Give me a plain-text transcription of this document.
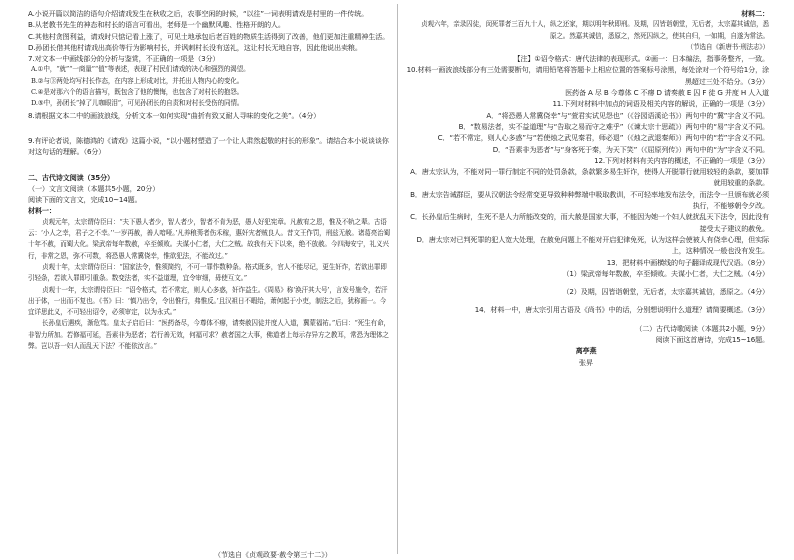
A.小说开篇以简洁的语句介绍请戏发生在秋收之后，农事空闲的时候，“以往”一词表明请戏是村里的一件传统。

B.从老教书先生的神态和村长的语言可看出，老师是一个幽默风趣、性格开朗的人。

C.其他村贪图利益，请戏时只惦记看上涨了，可见土地承包后老百姓的物质生活得到了改善，他们更加注重精神生活。

D.孙团长借其他村请戏出高价等行为影响村长，并讽刺村长没有送礼，这让村长无地自容，因此他说出卖粮。

7.对文本一中画线部分的分析与鉴赏，不正确的一项是（3分）

A.①中，“就”“一商量”“值”等表述，表现了村民们请戏的决心和强烈的渴望。

B.②与③两处均写村长作态，在内容上形成对比，并托出人物内心的变化。

C.④是对那六个的语言描写，既包含了他的懊悔，也包含了对村长的抱怨。

D.⑤中，孙团长“掉了儿咖眼泪”，可见孙团长的自责和对村长受伤的同情。

8.请根据文本二中的画波浪线，分析文本一如何实现“曲折有致又耐人寻味的变化之美”。（4分）

9.有评论者说，陈德鸿的《请戏》这篇小说，“以小题材塑造了一个让人肃然起敬的村长的形象”。请结合本小说谈谈你对这句话的理解。（6分）

二、古代诗文阅读（35分）

（一）文言文阅读（本题共5小题，20分）

阅读下面的文言文，完成10~14题。

材料一：

贞观元年，太宗谓侍臣曰：“夫下愚人者少，智人者少，智者不肯为恶，愚人好犯宪章。凡赦宥之恩，惟及不轨之辈。古语云：‘小人之幸，君子之不幸。’‘一岁再赦，善人喑哑。’凡养稂莠者伤禾稼，惠奸宄者贼良人。昔文王作罚，刑兹无赦。诸葛亮治蜀十年不赦，而蜀大化。梁武帝每年数赦，卒至倾败。夫谋小仁者，大仁之贼。故我有天下以来，绝不放赦。今四海安宁，礼义兴行，非常之恩，弥不可数，将恐愚人常冀侥幸，惟欲犯法，不能改过。”

贞观十年，太宗谓侍臣曰：“国家法令，惟须简约，不可一罪作数种条。格式既多，官人不能尽记，更生奸诈，若欲出罪即引轻条，若欲入罪即引重条。数变法者，实不益道理，宜令审细，毋使互文。”

贞观十一年，太宗谓侍臣曰：“诏令格式，若不常定，则人心多惑，奸诈益生。《周易》称‘涣汗其大号’，言发号施令，若汗出于体，一出而不复也。《书》曰：‘慎乃出令，令出惟行，弗惟反。’且汉祖日不暇给，萧何起于小吏，制法之后，犹称画一。今宜详思此义，不可轻出诏令，必须审定，以为永式。”

长孙皇后遇疾，渐危笃。皇太子启后曰：“医药备尽，今尊体不瘳，请奏赦囚徒并度人入道，冀蒙福祐。”后曰：“死生有命，非智力所加。若修福可延，吾素非为恶者；若行善无效，何福可求？赦者国之大事，佛道者上每示存异方之教耳，常恐为理体之弊。岂以吾一妇人而乱天下法？不能依汝言。”

（节选自《贞观政要·赦令第三十二》）

材料二：

贞观六年，亲录囚徒，闵死罪者三百九十人，纵之还家，期以明年秋即刑。及期，囚皆诣朝堂，无后者，太宗嘉其诚信，悉原之。然嘉其诚信，悉原之，然死囚纵之，使其自归，一如期，自遂为常法。

（节选自《新唐书·刑法志》）

【注】①诏令格式：唐代法律的表现形式。②画一：日本编法，指事务整齐，一致。

10.材料一画波浪线部分有三处需要断句，请用铅笔将答题卡上相应位置的答案标号涂黑，每处涂对一个符号给1分，涂黑超过三处不给分。（3分）

医药备 A 尽 B 今尊体 C 不瘳 D 请奏赦 E 囚 F 徒 G 并度 H 人入道

11.下列对材料中加点的词语及相关内容的解说，正确的一项是（3分）

A．“将恐愚人常冀侥幸”与“萱君实试见怨也”（《谷园语溪论书》）两句中的“冀”字含义不同。

B．“数易法者，实不益道理”与“告取之易而守之难乎”（《谏太宗十思疏》）两句中的“易”字含义不同。

C．“若不常定，则人心多惑”与“若使烛之武见秦君，师必退”（《烛之武退秦师》）两句中的“若”字含义不同。

D．“吾素非为恶者”与“身客死于秦，为天下笑”（《屈原列传》）两句中的“为”字含义不同。

12.下列对材料有关内容的概述，不正确的一项是（3分）

A．唐太宗认为，不能对同一罪行制定不同的处罚条款，条款繁多易生奸诈，使得人开脱罪行就用较轻的条款，要加罪就用较重的条款。

B．唐太宗告诫群臣，要从汉朝法令经常变更导致种种弊端中吸取教训，不可轻率地发布法令，而法令一旦颁布就必须执行，不能够朝令夕改。

C．长孙皇后生病时，生死不是人力所能改变的，而大赦是国家大事，不能因为她一个妇人就扰乱天下法令，因此没有接受太子建议的赦免。

D．唐太宗对已判死罪的犯人宽大处理，在赦免问题上不能对开启犯律免死，认为这样会使被人有侥幸心理，但实际上，这种情况一般也没有发生。

13．把材料中画横线的句子翻译成现代汉语。（8分）

（1）梁武帝每年数赦，卒至倾败。夫谋小仁者，大仁之贼。（4分）

（2）及期，囚皆诣朝堂，无后者，太宗嘉其诚信，悉原之。（4分）

14．材料一中，唐太宗引用古语及《尚书》中的话，分别想说明什么道理？请简要概述。（3分）

（二）古代诗歌阅读（本题共2小题，9分）

阅读下面这首唐诗，完成15~16题。

离亭燕

张昇
